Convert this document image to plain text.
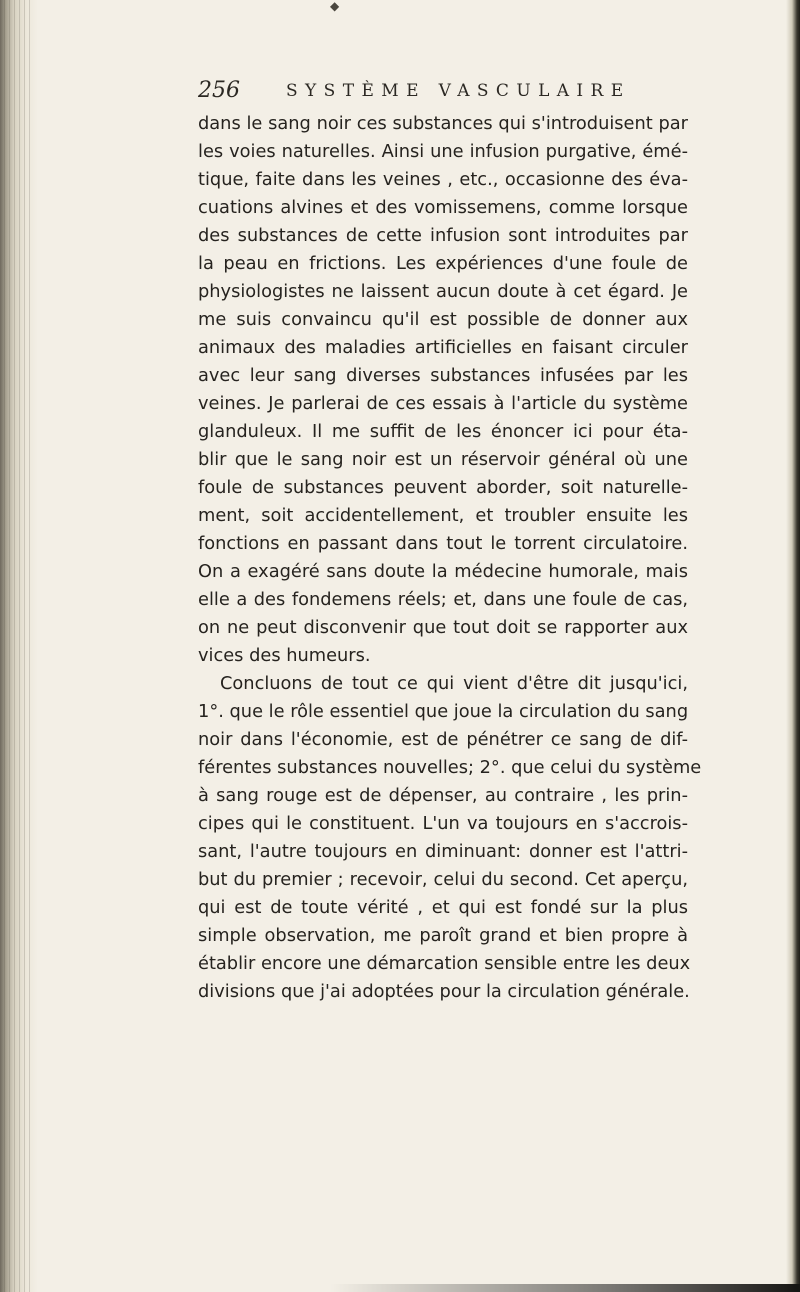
◆
256	SYSTÈME VASCULAIRE
dans le sang noir ces substances qui s'introduisent par
les voies naturelles. Ainsi une infusion purgative, émé-
tique, faite dans les veines , etc., occasionne des éva-
cuations alvines et des vomissemens, comme lorsque
des substances de cette infusion sont introduites par
la peau en frictions. Les expériences d'une foule de
physiologistes ne laissent aucun doute à cet égard. Je
me suis convaincu qu'il est possible de donner aux
animaux des maladies artificielles en faisant circuler
avec leur sang diverses substances infusées par les
veines. Je parlerai de ces essais à l'article du système
glanduleux. Il me suffit de les énoncer ici pour éta-
blir que le sang noir est un réservoir général où une
foule de substances peuvent aborder, soit naturelle-
ment, soit accidentellement, et troubler ensuite les
fonctions en passant dans tout le torrent circulatoire.
On a exagéré sans doute la médecine humorale, mais
elle a des fondemens réels; et, dans une foule de cas,
on ne peut disconvenir que tout doit se rapporter aux
vices des humeurs.
Concluons de tout ce qui vient d'être dit jusqu'ici,
1°. que le rôle essentiel que joue la circulation du sang
noir dans l'économie, est de pénétrer ce sang de dif-
férentes substances nouvelles; 2°. que celui du système
à sang rouge est de dépenser, au contraire , les prin-
cipes qui le constituent. L'un va toujours en s'accrois-
sant, l'autre toujours en diminuant: donner est l'attri-
but du premier ; recevoir, celui du second. Cet aperçu,
qui est de toute vérité , et qui est fondé sur la plus
simple observation, me paroît grand et bien propre à
établir encore une démarcation sensible entre les deux
divisions que j'ai adoptées pour la circulation générale.
